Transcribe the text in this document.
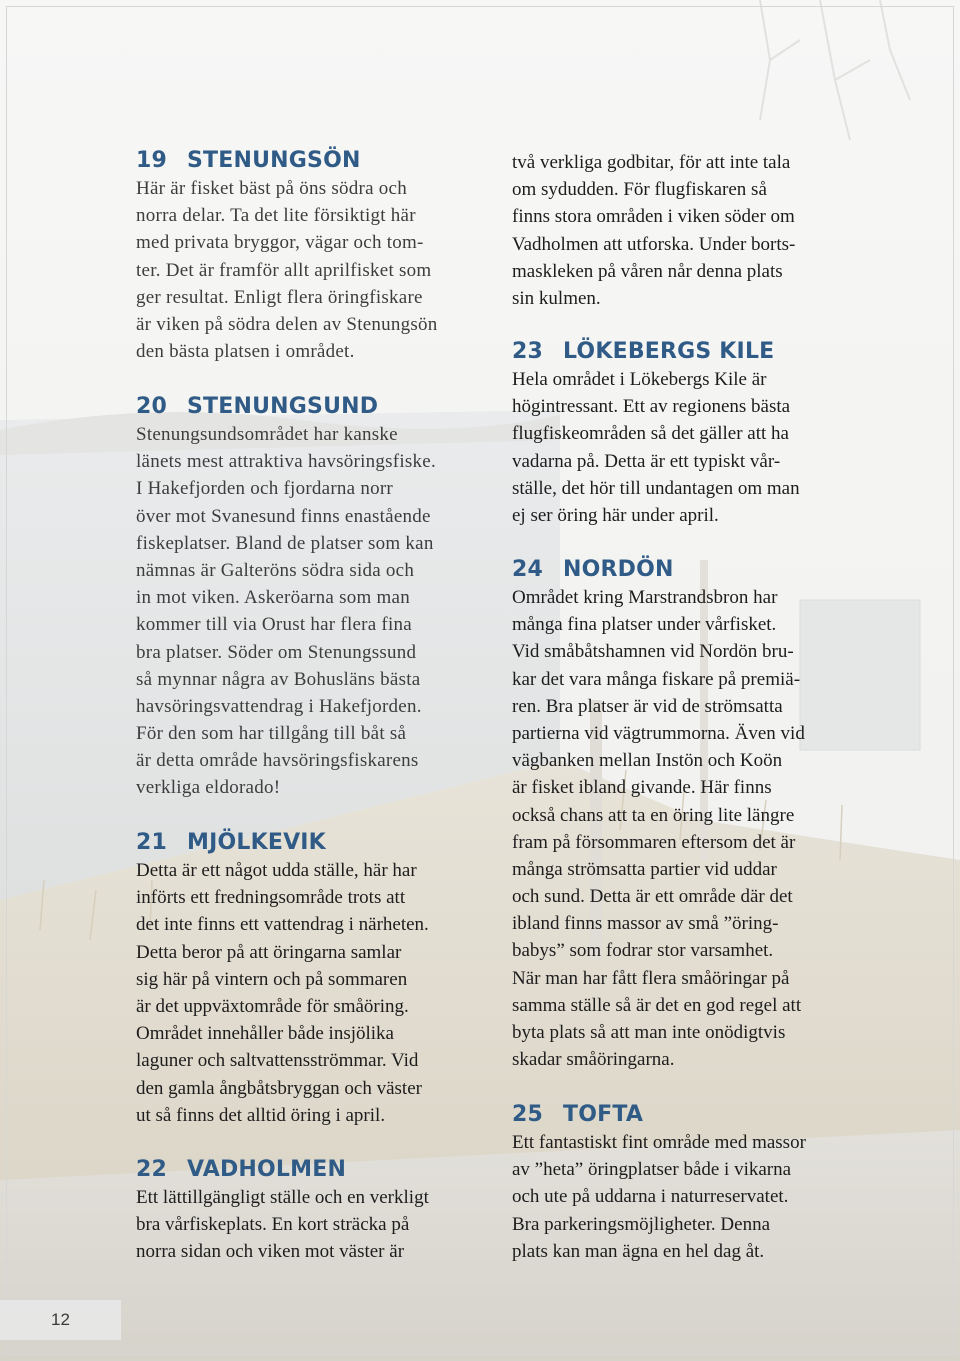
19 STENUNGSÖN
Här är fisket bäst på öns södra och
norra delar. Ta det lite försiktigt här
med privata bryggor, vägar och tom-
ter. Det är framför allt aprilfisket som
ger resultat. Enligt flera öringfiskare
är viken på södra delen av Stenungsön
den bästa platsen i området.
20 STENUNGSUND
Stenungsundsområdet har kanske
länets mest attraktiva havsöringsfiske.
I Hakefjorden och fjordarna norr
över mot Svanesund finns enastående
fiskeplatser. Bland de platser som kan
nämnas är Galteröns södra sida och
in mot viken. Askeröarna som man
kommer till via Orust har flera fina
bra platser. Söder om Stenungssund
så mynnar några av Bohusläns bästa
havsöringsvattendrag i Hakefjorden.
För den som har tillgång till båt så
är detta område havsöringsfiskarens
verkliga eldorado!
21 MJÖLKEVIK
Detta är ett något udda ställe, här har
införts ett fredningsområde trots att
det inte finns ett vattendrag i närheten.
Detta beror på att öringarna samlar
sig här på vintern och på sommaren
är det uppväxtområde för småöring.
Området innehåller både insjölika
laguner och saltvattensströmmar. Vid
den gamla ångbåtsbryggan och väster
ut så finns det alltid öring i april.
22 VADHOLMEN
Ett lättillgängligt ställe och en verkligt
bra vårfiskeplats. En kort sträcka på
norra sidan och viken mot väster är
två verkliga godbitar, för att inte tala
om sydudden. För flugfiskaren så
finns stora områden i viken söder om
Vadholmen att utforska. Under borts-
maskleken på våren når denna plats
sin kulmen.
23 LÖKEBERGS KILE
Hela området i Lökebergs Kile är
högintressant. Ett av regionens bästa
flugfiskeområden så det gäller att ha
vadarna på. Detta är ett typiskt vår-
ställe, det hör till undantagen om man
ej ser öring här under april.
24 NORDÖN
Området kring Marstrandsbron har
många fina platser under vårfisket.
Vid småbåtshamnen vid Nordön bru-
kar det vara många fiskare på premiä-
ren. Bra platser är vid de strömsatta
partierna vid vägtrummorna. Även vid
vägbanken mellan Instön och Koön
är fisket ibland givande. Här finns
också chans att ta en öring lite längre
fram på försommaren eftersom det är
många strömsatta partier vid uddar
och sund. Detta är ett område där det
ibland finns massor av små ”öring-
babys” som fodrar stor varsamhet.
När man har fått flera småöringar på
samma ställe så är det en god regel att
byta plats så att man inte onödigtvis
skadar småöringarna.
25 TOFTA
Ett fantastiskt fint område med massor
av ”heta” öringplatser både i vikarna
och ute på uddarna i naturreservatet.
Bra parkeringsmöjligheter. Denna
plats kan man ägna en hel dag åt.
12
